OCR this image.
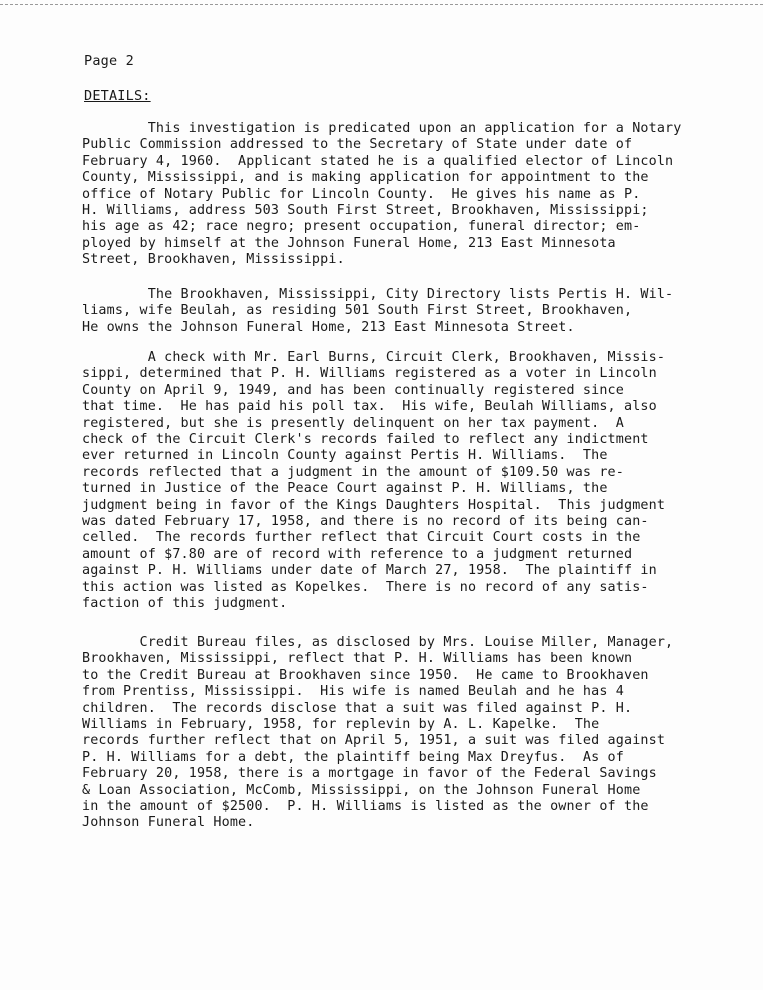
Page 2
DETAILS:
This investigation is predicated upon an application for a Notary
Public Commission addressed to the Secretary of State under date of
February 4, 1960.  Applicant stated he is a qualified elector of Lincoln
County, Mississippi, and is making application for appointment to the
office of Notary Public for Lincoln County.  He gives his name as P.
H. Williams, address 503 South First Street, Brookhaven, Mississippi;
his age as 42; race negro; present occupation, funeral director; em-
ployed by himself at the Johnson Funeral Home, 213 East Minnesota
Street, Brookhaven, Mississippi.
The Brookhaven, Mississippi, City Directory lists Pertis H. Wil-
liams, wife Beulah, as residing 501 South First Street, Brookhaven,
He owns the Johnson Funeral Home, 213 East Minnesota Street.
A check with Mr. Earl Burns, Circuit Clerk, Brookhaven, Missis-
sippi, determined that P. H. Williams registered as a voter in Lincoln
County on April 9, 1949, and has been continually registered since
that time.  He has paid his poll tax.  His wife, Beulah Williams, also
registered, but she is presently delinquent on her tax payment.  A
check of the Circuit Clerk's records failed to reflect any indictment
ever returned in Lincoln County against Pertis H. Williams.  The
records reflected that a judgment in the amount of $109.50 was re-
turned in Justice of the Peace Court against P. H. Williams, the
judgment being in favor of the Kings Daughters Hospital.  This judgment
was dated February 17, 1958, and there is no record of its being can-
celled.  The records further reflect that Circuit Court costs in the
amount of $7.80 are of record with reference to a judgment returned
against P. H. Williams under date of March 27, 1958.  The plaintiff in
this action was listed as Kopelkes.  There is no record of any satis-
faction of this judgment.
Credit Bureau files, as disclosed by Mrs. Louise Miller, Manager,
Brookhaven, Mississippi, reflect that P. H. Williams has been known
to the Credit Bureau at Brookhaven since 1950.  He came to Brookhaven
from Prentiss, Mississippi.  His wife is named Beulah and he has 4
children.  The records disclose that a suit was filed against P. H.
Williams in February, 1958, for replevin by A. L. Kapelke.  The
records further reflect that on April 5, 1951, a suit was filed against
P. H. Williams for a debt, the plaintiff being Max Dreyfus.  As of
February 20, 1958, there is a mortgage in favor of the Federal Savings
& Loan Association, McComb, Mississippi, on the Johnson Funeral Home
in the amount of $2500.  P. H. Williams is listed as the owner of the
Johnson Funeral Home.
